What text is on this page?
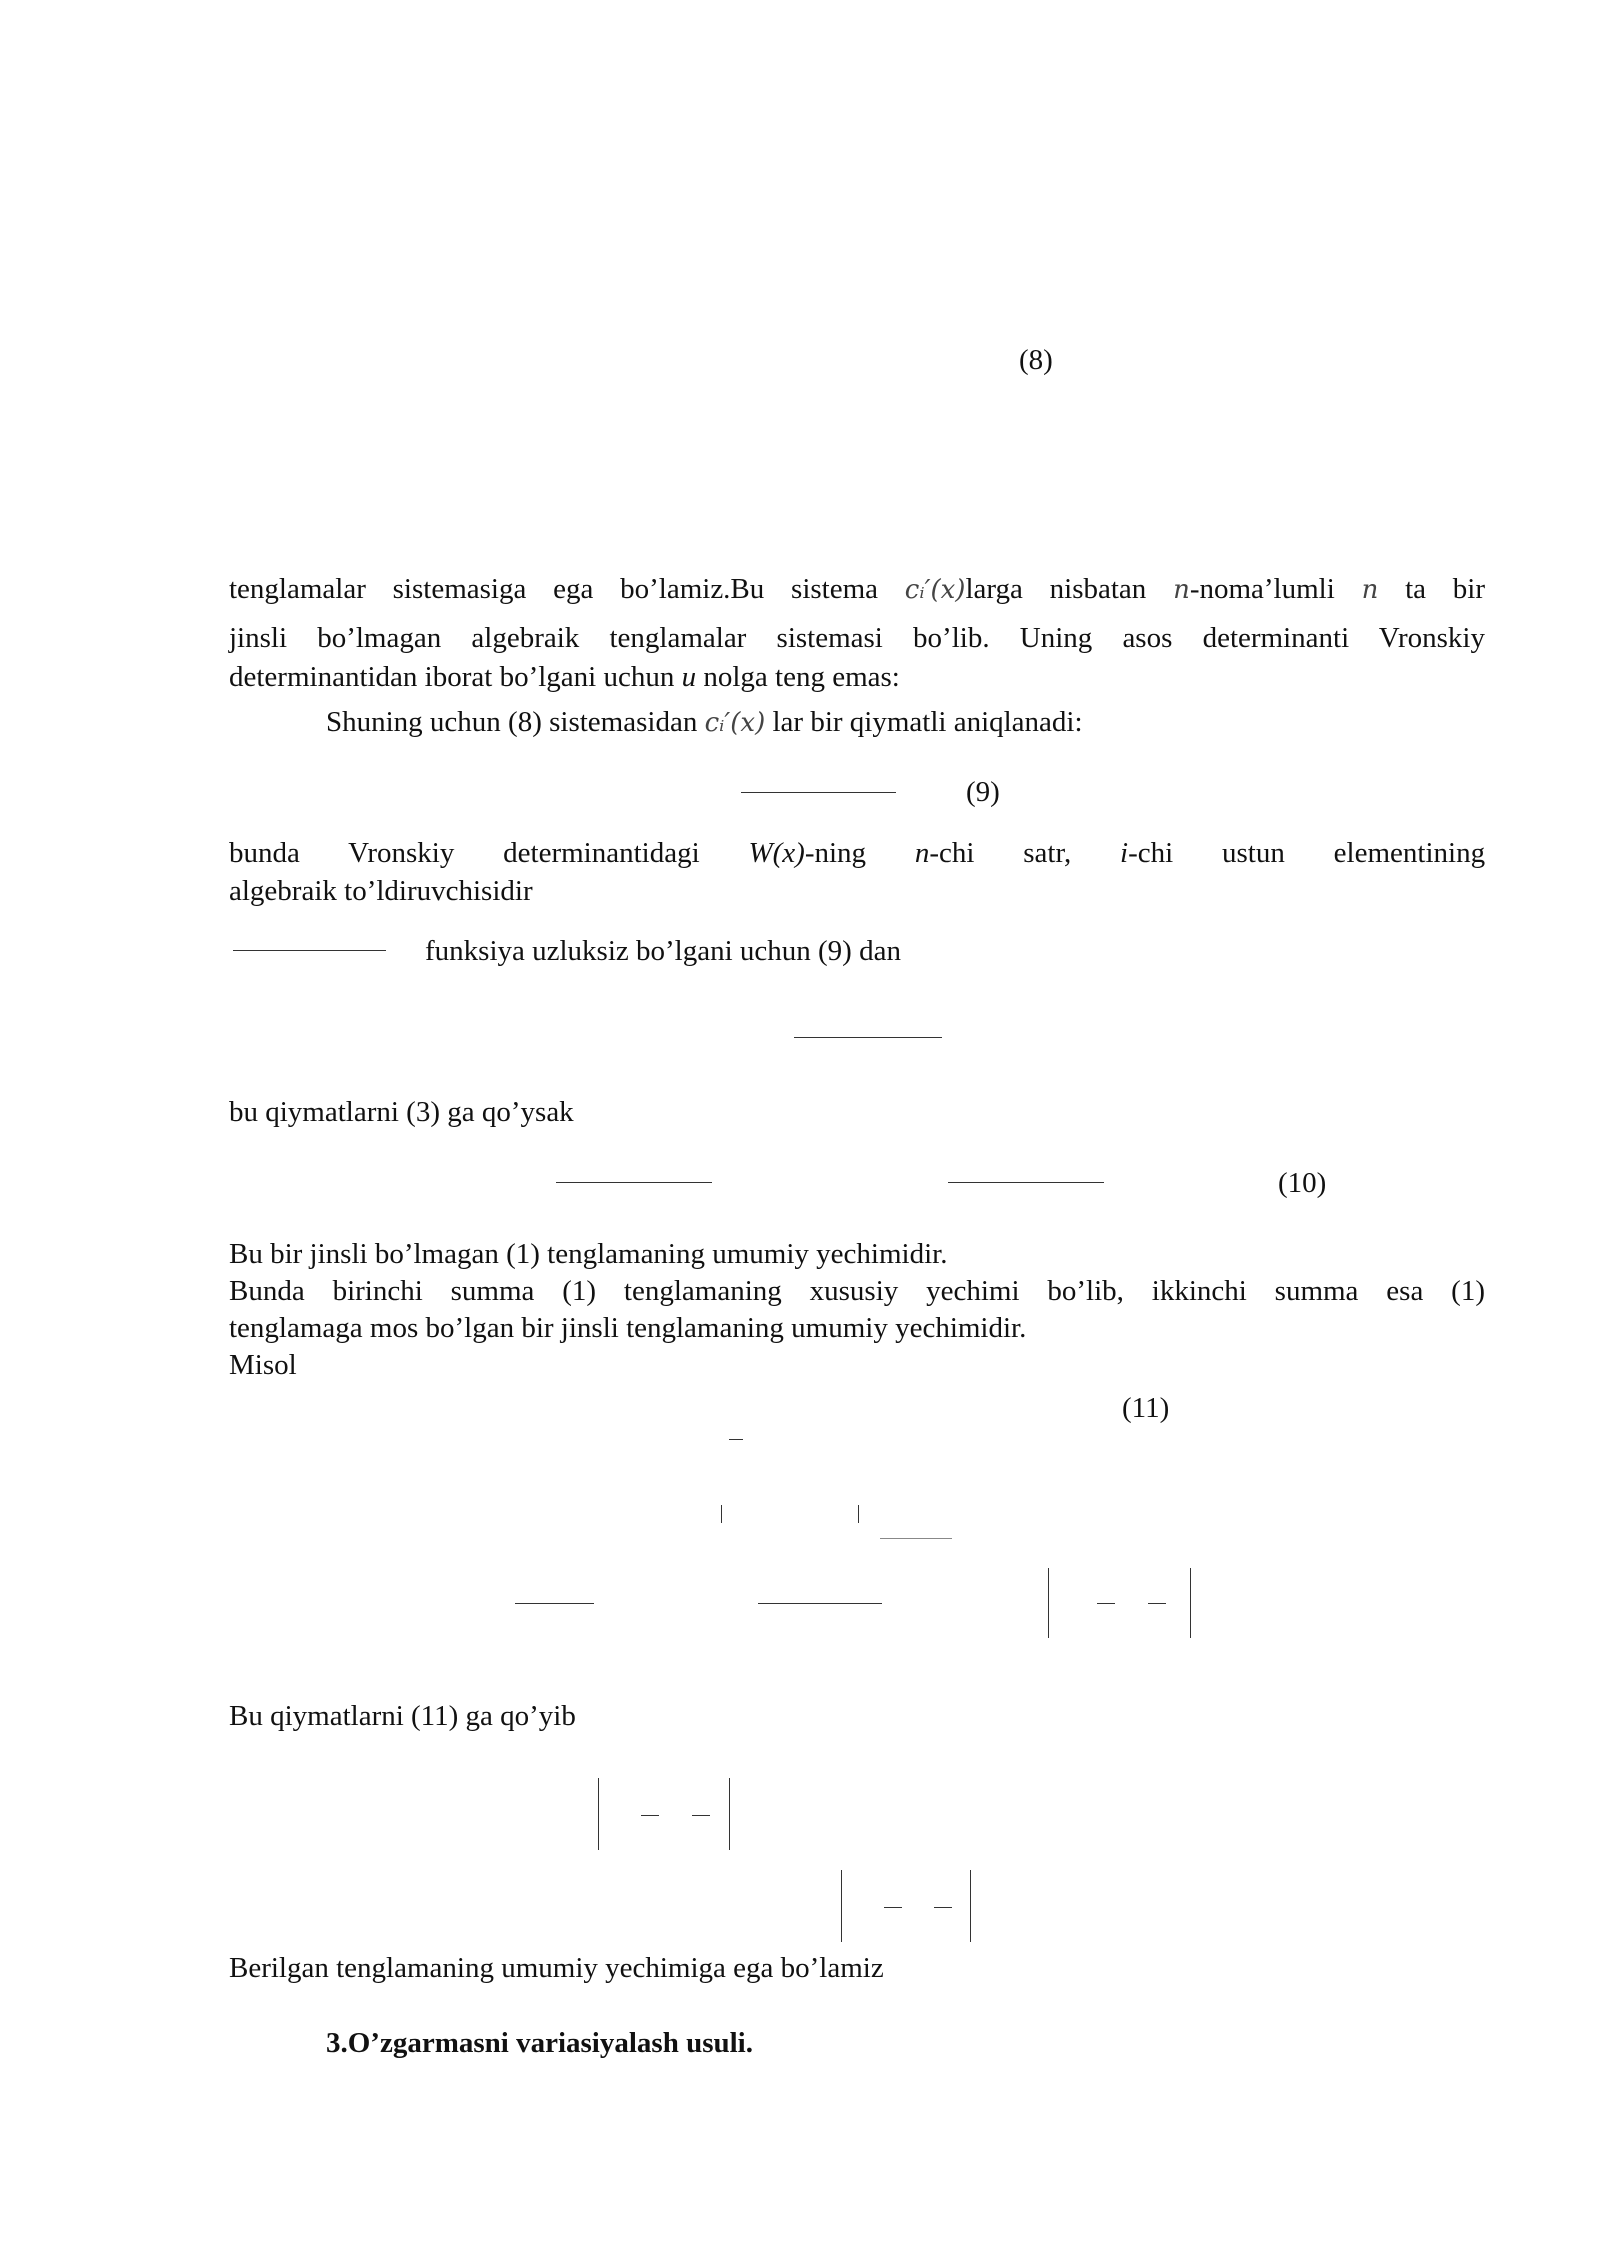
(8)
tenglamalar sistemasiga ega bo’lamiz.Bu sistema cᵢ′(x)larga nisbatan n-noma’lumli n ta bir
jinsli bo’lmagan algebraik tenglamalar sistemasi bo’lib. Uning asos determinanti Vronskiy
determinantidan iborat bo’lgani uchun u nolga teng emas:
Shuning uchun (8) sistemasidan cᵢ′(x) lar bir qiymatli aniqlanadi:
(9)
bunda Vronskiy determinantidagi W(x)-ning n-chi satr, i-chi ustun elementining
algebraik to’ldiruvchisidir
funksiya uzluksiz bo’lgani uchun (9) dan
bu qiymatlarni (3) ga qo’ysak
(10)
Bu bir jinsli bo’lmagan (1) tenglamaning umumiy yechimidir.
Bunda birinchi summa (1) tenglamaning xususiy yechimi bo’lib, ikkinchi summa esa (1)
tenglamaga mos bo’lgan bir jinsli tenglamaning umumiy yechimidir.
Misol
(11)
Bu qiymatlarni (11) ga qo’yib
Berilgan tenglamaning umumiy yechimiga ega bo’lamiz
3.O’zgarmasni variasiyalash usuli.
